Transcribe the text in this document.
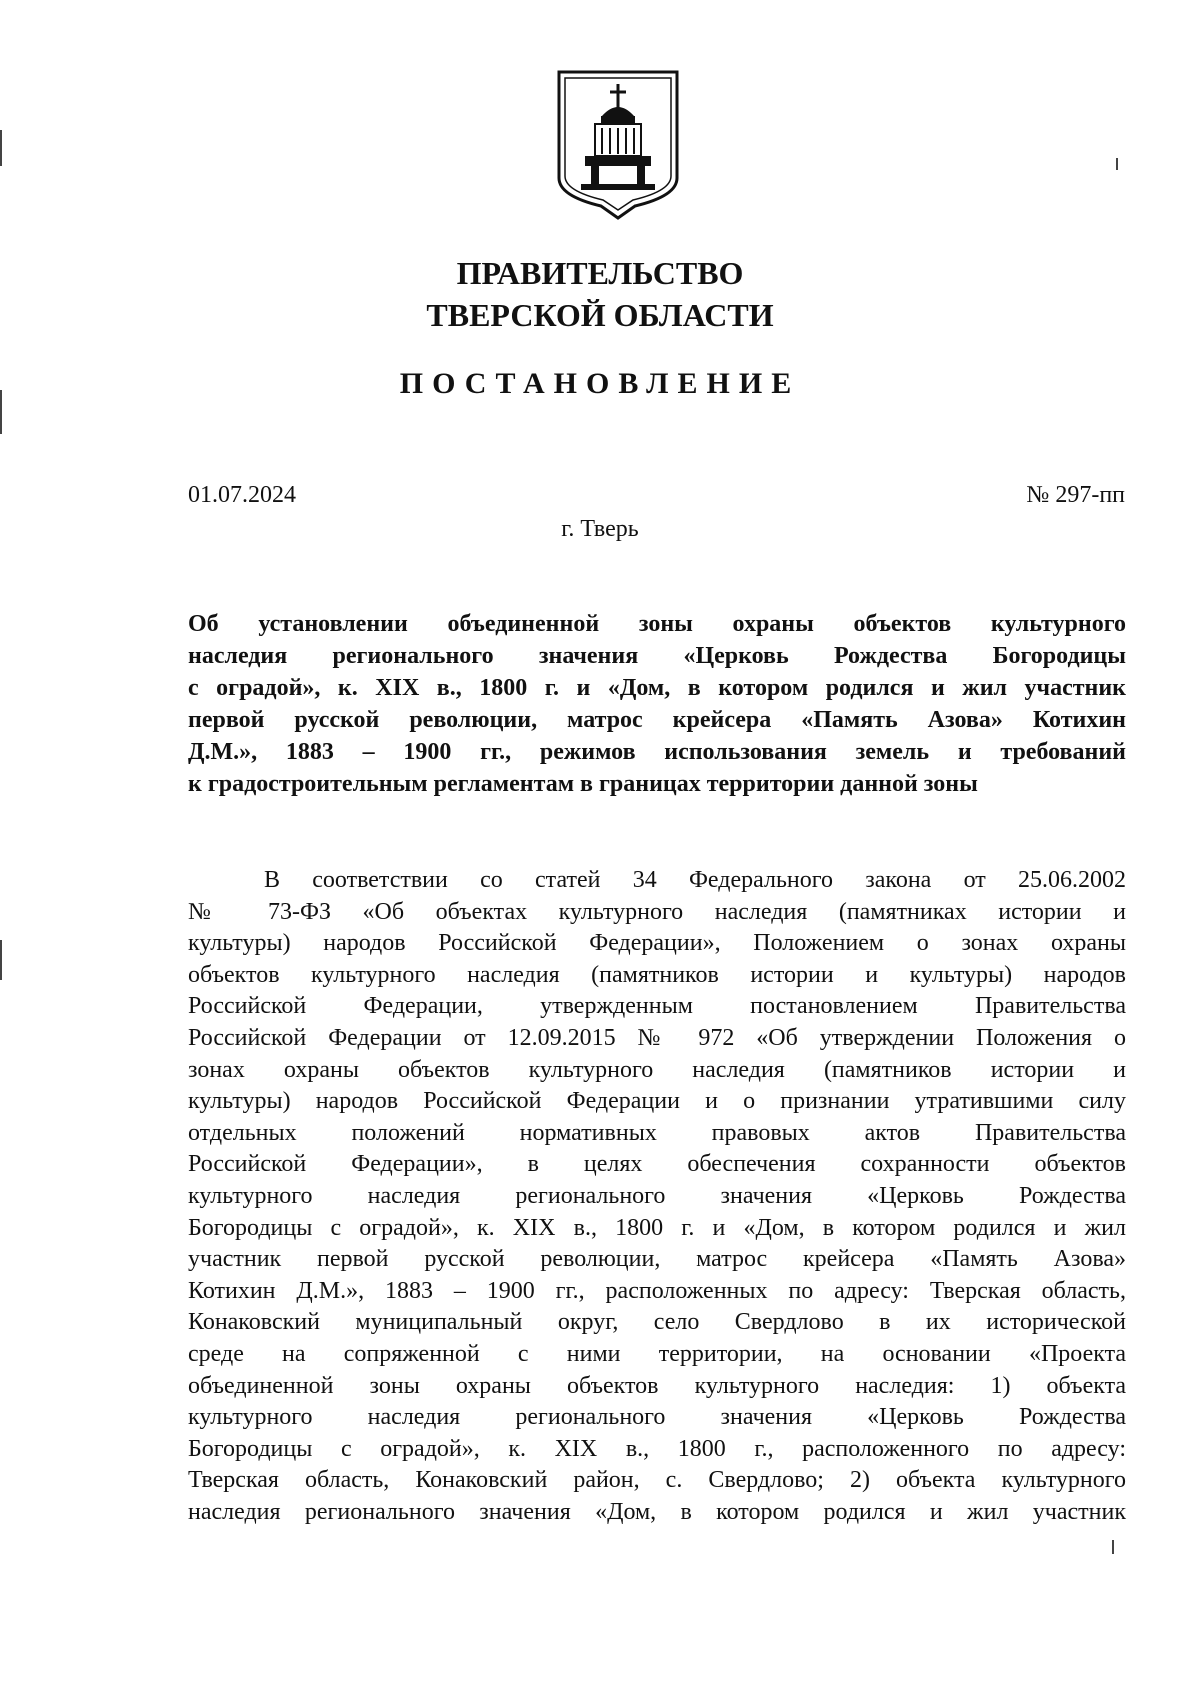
ПРАВИТЕЛЬСТВО
ТВЕРСКОЙ ОБЛАСТИ
ПОСТАНОВЛЕНИЕ
01.07.2024	№ 297-пп
г. Тверь
Об установлении объединенной зоны охраны объектов культурного
наследия регионального значения «Церковь Рождества Богородицы
с оградой», к. XIX в., 1800 г. и «Дом, в котором родился и жил участник
первой русской революции, матрос крейсера «Память Азова» Котихин
Д.М.», 1883 – 1900 гг., режимов использования земель и требований
к градостроительным регламентам в границах территории данной зоны
В соответствии со статей 34 Федерального закона от 25.06.2002
№ 73-ФЗ «Об объектах культурного наследия (памятниках истории и
культуры) народов Российской Федерации», Положением о зонах охраны
объектов культурного наследия (памятников истории и культуры) народов
Российской Федерации, утвержденным постановлением Правительства
Российской Федерации от 12.09.2015 № 972 «Об утверждении Положения о
зонах охраны объектов культурного наследия (памятников истории и
культуры) народов Российской Федерации и о признании утратившими силу
отдельных положений нормативных правовых актов Правительства
Российской Федерации», в целях обеспечения сохранности объектов
культурного наследия регионального значения «Церковь Рождества
Богородицы с оградой», к. XIX в., 1800 г. и «Дом, в котором родился и жил
участник первой русской революции, матрос крейсера «Память Азова»
Котихин Д.М.», 1883 – 1900 гг., расположенных по адресу: Тверская область,
Конаковский муниципальный округ, село Свердлово в их исторической
среде на сопряженной с ними территории, на основании «Проекта
объединенной зоны охраны объектов культурного наследия: 1) объекта
культурного наследия регионального значения «Церковь Рождества
Богородицы с оградой», к. XIX в., 1800 г., расположенного по адресу:
Тверская область, Конаковский район, с. Свердлово; 2) объекта культурного
наследия регионального значения «Дом, в котором родился и жил участник
